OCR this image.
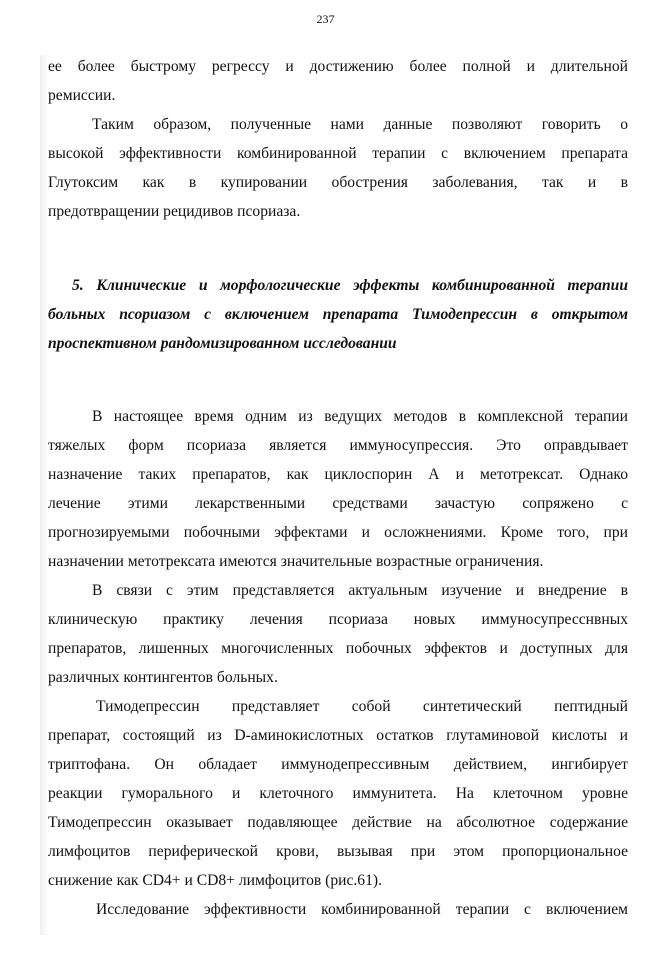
237
ее более быстрому регрессу и достижению более полной и длительной
ремиссии.
Таким образом, полученные нами данные позволяют говорить о
высокой эффективности комбинированной терапии с включением препарата
Глутоксим как в купировании обострения заболевания, так и в
предотвращении рецидивов псориаза.
5. Клинические и морфологические эффекты комбинированной терапии
больных псориазом с включением препарата Тимодепрессин в открытом
проспективном рандомизированном исследовании
В настоящее время одним из ведущих методов в комплексной терапии
тяжелых форм псориаза является иммуносупрессия. Это оправдывает
назначение таких препаратов, как циклоспорин А и метотрексат. Однако
лечение этими лекарственными средствами зачастую сопряжено с
прогнозируемыми побочными эффектами и осложнениями. Кроме того, при
назначении метотрексата имеются значительные возрастные ограничения.
В связи с этим представляется актуальным изучение и внедрение в
клиническую практику лечения псориаза новых иммуносупресснвных
препаратов, лишенных многочисленных побочных эффектов и доступных для
различных контингентов больных.
Тимодепрессин представляет собой синтетический пептидный
препарат, состоящий из D-аминокислотных остатков глутаминовой кислоты и
триптофана. Он обладает иммунодепрессивным действием, ингибирует
реакции гуморального и клеточного иммунитета. На клеточном уровне
Тимодепрессин оказывает подавляющее действие на абсолютное содержание
лимфоцитов периферической крови, вызывая при этом пропорциональное
снижение как CD4+ и CD8+ лимфоцитов (рис.61).
Исследование эффективности комбинированной терапии с включением
